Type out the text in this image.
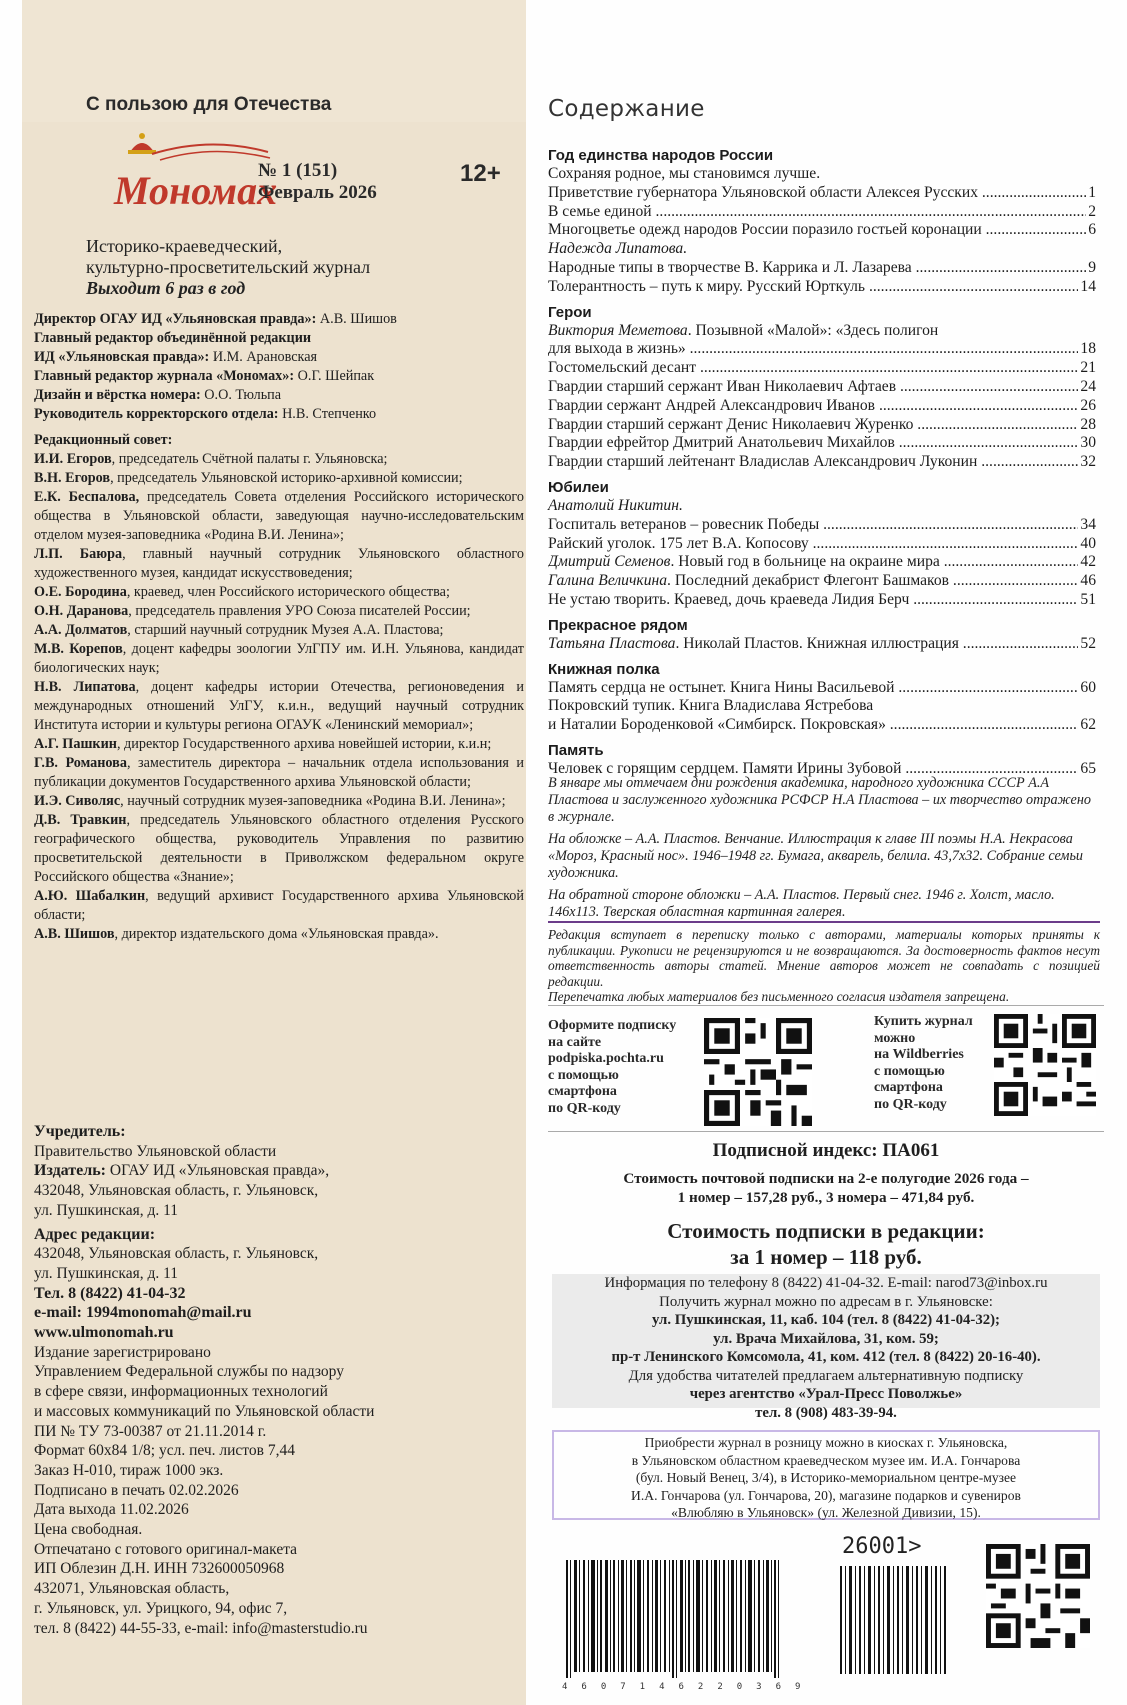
С пользою для Отечества
Мономах
№ 1 (151)
Февраль 2026
12+
Историко-краеведческий,
культурно-просветительский журнал
Выходит 6 раз в год

Директор ОГАУ ИД «Ульяновская правда»: А.В. Шишов

Главный редактор объединённой редакции

ИД «Ульяновская правда»: И.М. Арановская

Главный редактор журнала «Мономах»: О.Г. Шейпак

Дизайн и вёрстка номера: О.О. Тюльпа

Руководитель корректорского отдела: Н.В. Степченко

Редакционный совет:

И.И. Егоров, председатель Счётной палаты г. Ульяновска;

В.Н. Егоров, председатель Ульяновской историко-архивной комиссии;

Е.К. Беспалова, председатель Совета отделения Российского исторического общества в Ульяновской области, заведующая научно-исследовательским отделом музея-заповедника «Родина В.И. Ленина»;

Л.П. Баюра, главный научный сотрудник Ульяновского областного художественного музея, кандидат искусствоведения;

О.Е. Бородина, краевед, член Российского исторического общества;

О.Н. Даранова, председатель правления УРО Союза писателей России;

А.А. Долматов, старший научный сотрудник Музея А.А. Пластова;

М.В. Корепов, доцент кафедры зоологии УлГПУ им. И.Н. Ульянова, кандидат биологических наук;

Н.В. Липатова, доцент кафедры истории Отечества, регионоведения и международных отношений УлГУ, к.и.н., ведущий научный сотрудник Института истории и культуры региона ОГАУК «Ленинский мемориал»;

А.Г. Пашкин, директор Государственного архива новейшей истории, к.и.н;

Г.В. Романова, заместитель директора – начальник отдела использования и публикации документов Государственного архива Ульяновской области;

И.Э. Сиволяс, научный сотрудник музея-заповедника «Родина В.И. Ленина»;

Д.В. Травкин, председатель Ульяновского областного отделения Русского географического общества, руководитель Управления по развитию просветительской деятельности в Приволжском федеральном округе Российского общества «Знание»;

А.Ю. Шабалкин, ведущий архивист Государственного архива Ульяновской области;

А.В. Шишов, директор издательского дома «Ульяновская правда».

Учредитель:

Правительство Ульяновской области

Издатель: ОГАУ ИД «Ульяновская правда»,

432048, Ульяновская область, г. Ульяновск,

ул. Пушкинская, д. 11

Адрес редакции:

432048, Ульяновская область, г. Ульяновск,

ул. Пушкинская, д. 11

Тел. 8 (8422) 41-04-32

e-mail: 1994monomah@mail.ru

www.ulmonomah.ru

Издание зарегистрировано

Управлением Федеральной службы по надзору

в сфере связи, информационных технологий

и массовых коммуникаций по Ульяновской области

ПИ № ТУ 73-00387 от 21.11.2014 г.

Формат 60x84 1/8; усл. печ. листов 7,44

Заказ Н-010, тираж 1000 экз.

Подписано в печать 02.02.2026

Дата выхода 11.02.2026

Цена свободная.

Отпечатано с готового оригинал-макета

ИП Облезин Д.Н. ИНН 732600050968

432071, Ульяновская область,

г. Ульяновск, ул. Урицкого, 94, офис 7,

тел. 8 (8422) 44-55-33, e-mail: info@masterstudio.ru

Содержание
Год единства народов России
Сохраняя родное, мы становимся лучше.
Приветствие губернатора Ульяновской области Алексея Русских .....	1
В семье единой .....	2
Многоцветье одежд народов России поразило гостьей коронации .....	6
Надежда Липатова.
Народные типы в творчестве В. Каррика и Л. Лазарева .....	9
Толерантность – путь к миру. Русский Юрткуль .....	14
Герои
Виктория Меметова. Позывной «Малой»: «Здесь полигон
для выхода в жизнь» .....	18
Гостомельский десант .....	21
Гвардии старший сержант Иван Николаевич Афтаев .....	24
Гвардии сержант Андрей Александрович Иванов .....	26
Гвардии старший сержант Денис Николаевич Журенко .....	28
Гвардии ефрейтор Дмитрий Анатольевич Михайлов .....	30
Гвардии старший лейтенант Владислав Александрович Луконин .....	32
Юбилеи
Анатолий Никитин.
Госпиталь ветеранов – ровесник Победы .....	34
Райский уголок. 175 лет В.А. Копосову .....	40
Дмитрий Семенов. Новый год в больнице на окраине мира .....	42
Галина Величкина. Последний декабрист Флегонт Башмаков .....	46
Не устаю творить. Краевед, дочь краеведа Лидия Берч .....	51
Прекрасное рядом
Татьяна Пластова. Николай Пластов. Книжная иллюстрация .....	52
Книжная полка
Память сердца не остынет. Книга Нины Васильевой .....	60
Покровский тупик. Книга Владислава Ястребова
и Наталии Бороденковой «Симбирск. Покровская» .....	62
Память
Человек с горящим сердцем. Памяти Ирины Зубовой .....	65

В январе мы отмечаем дни рождения академика, народного художника СССР А.А Пластова и заслуженного художника РСФСР Н.А Пластова – их творчество отражено в журнале.

На обложке – А.А. Пластов. Венчание. Иллюстрация к главе III поэмы Н.А. Некрасова «Мороз, Красный нос». 1946–1948 гг. Бумага, акварель, белила. 43,7x32. Собрание семьи художника.

На обратной стороне обложки – А.А. Пластов. Первый снег. 1946 г. Холст, масло. 146x113. Тверская областная картинная галерея.

Редакция вступает в переписку только с авторами, материалы которых приняты к публикации. Рукописи не рецензируются и не возвращаются. За достоверность фактов несут ответственность авторы статей. Мнение авторов может не совпадать с позицией редакции.
Перепечатка любых материалов без письменного согласия издателя запрещена.
Оформите подписку
на сайте
podpiska.pochta.ru
с помощью
смартфона
по QR-коду
Купить журнал
можно
на Wildberries
с помощью
смартфона
по QR-коду
Подписной индекс: ПА061
Стоимость почтовой подписки на 2-е полугодие 2026 года –
1 номер – 157,28 руб., 3 номера – 471,84 руб.
Стоимость подписки в редакции:
за 1 номер – 118 руб.
Информация по телефону 8 (8422) 41-04-32. E-mail: narod73@inbox.ru
Получить журнал можно по адресам в г. Ульяновске:
ул. Пушкинская, 11, каб. 104 (тел. 8 (8422) 41-04-32);
ул. Врача Михайлова, 31, ком. 59;
пр-т Ленинского Комсомола, 41, ком. 412 (тел. 8 (8422) 20-16-40).
Для удобства читателей предлагаем альтернативную подписку
через агентство «Урал-Пресс Поволжье»
тел. 8 (908) 483-39-94.
Приобрести журнал в розницу можно в киосках г. Ульяновска,
в Ульяновском областном краеведческом музее им. И.А. Гончарова
(бул. Новый Венец, 3/4), в Историко-мемориальном центре-музее
И.А. Гончарова (ул. Гончарова, 20), магазине подарков и сувениров
«Влюбляю в Ульяновск» (ул. Железной Дивизии, 15).
26001>
4607146220369
